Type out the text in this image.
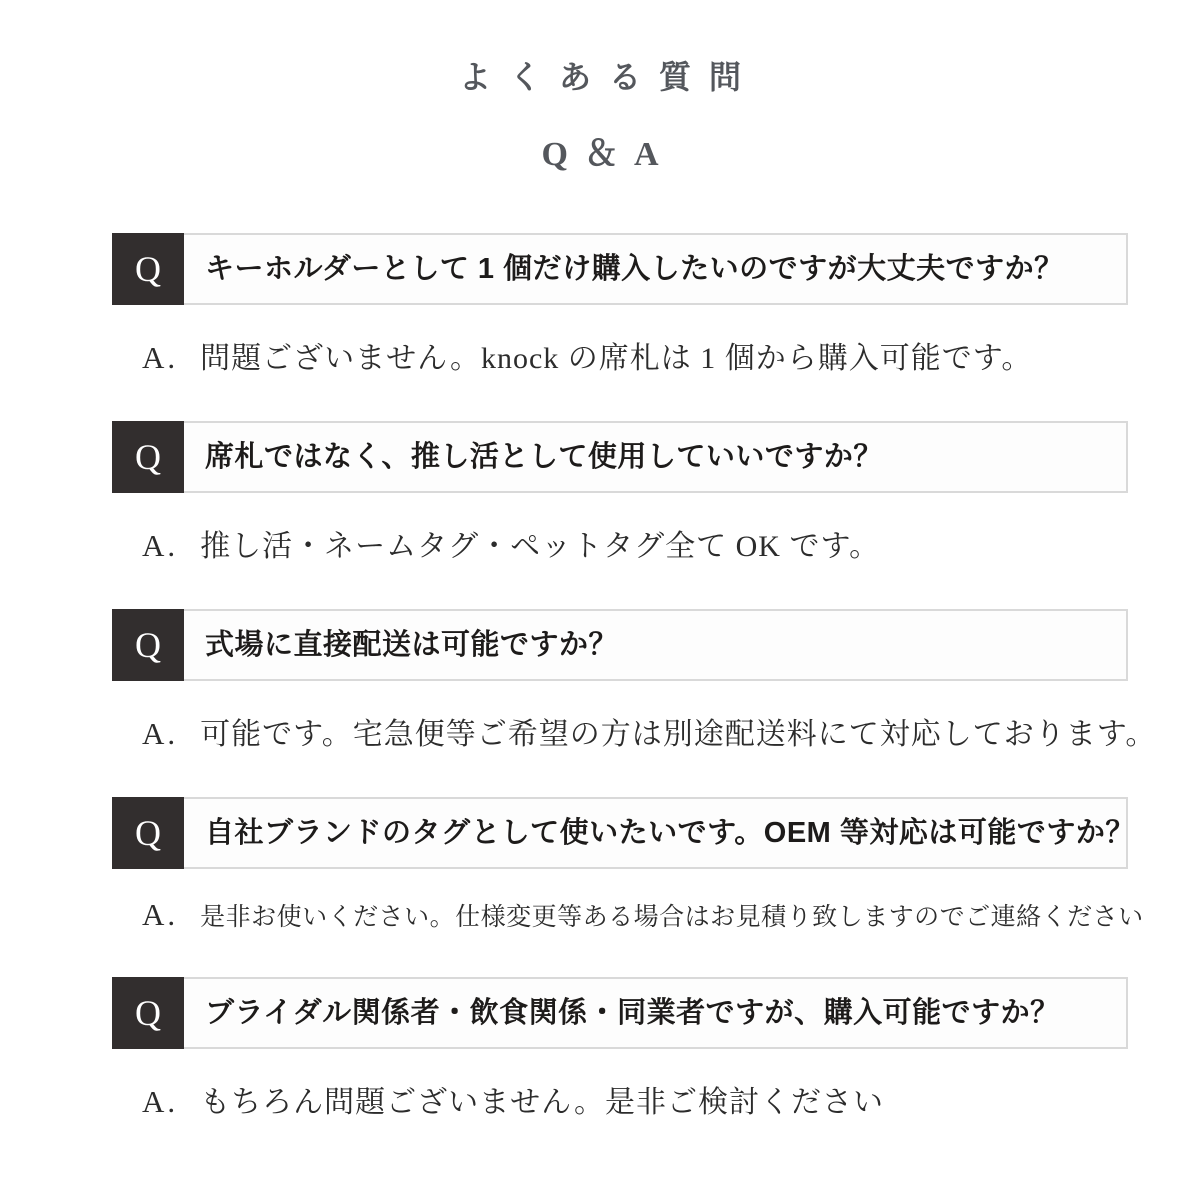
よくある質問
Q＆A
Q	キーホルダーとして 1 個だけ購入したいのですが大丈夫ですか？
A. 問題ございません。knock の席札は 1 個から購入可能です。
Q	席札ではなく、推し活として使用していいですか？
A. 推し活・ネームタグ・ペットタグ全て OK です。
Q	式場に直接配送は可能ですか？
A. 可能です。宅急便等ご希望の方は別途配送料にて対応しております。
Q	自社ブランドのタグとして使いたいです。OEM 等対応は可能ですか？
A. 是非お使いください。仕様変更等ある場合はお見積り致しますのでご連絡ください
Q	ブライダル関係者・飲食関係・同業者ですが、購入可能ですか？
A. もちろん問題ございません。是非ご検討ください
